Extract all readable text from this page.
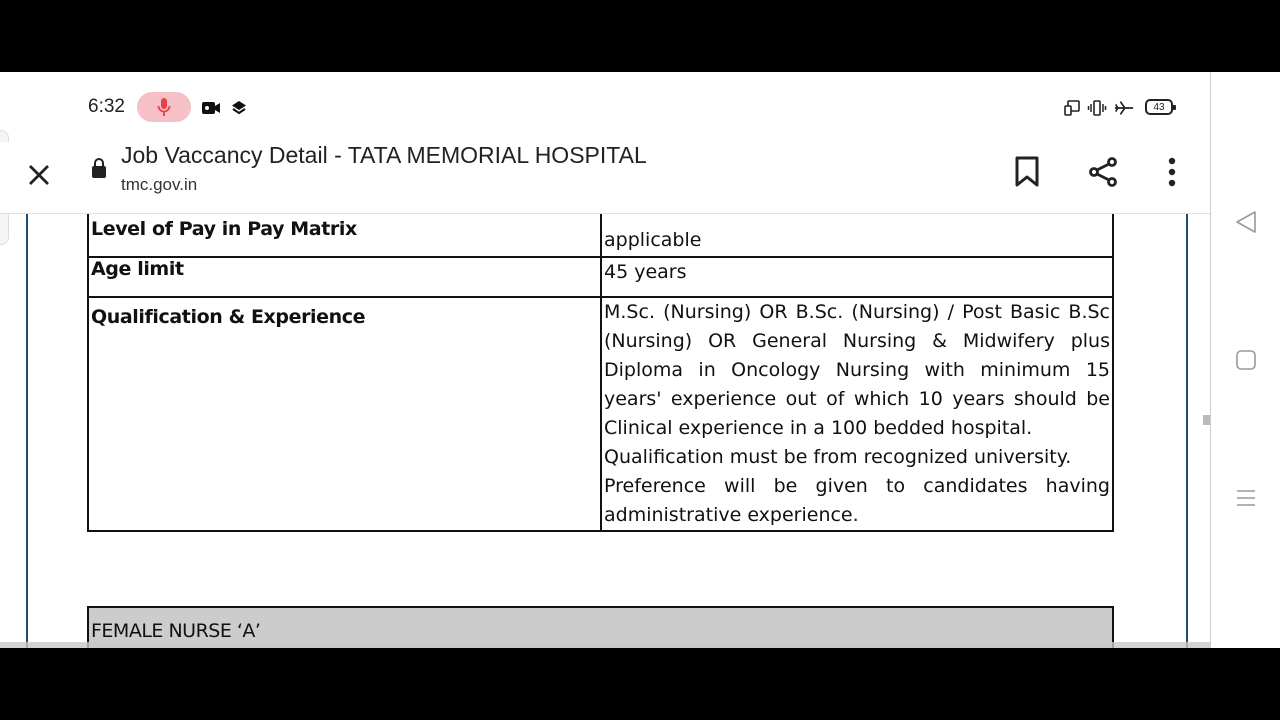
6:32	43
Job Vaccancy Detail - TATA MEMORIAL HOSPITAL
tmc.gov.in
Level of Pay in Pay Matrix	applicable
Age limit	45 years
Qualification & Experience	M.Sc. (Nursing) OR B.Sc. (Nursing) / Post Basic B.Sc (Nursing) OR General Nursing & Midwifery plus Diploma in Oncology Nursing with minimum 15 years' experience out of which 10 years should be Clinical experience in a 100 bedded hospital.
Qualification must be from recognized university.
Preference will be given to candidates having administrative experience.
FEMALE NURSE ‘A’
